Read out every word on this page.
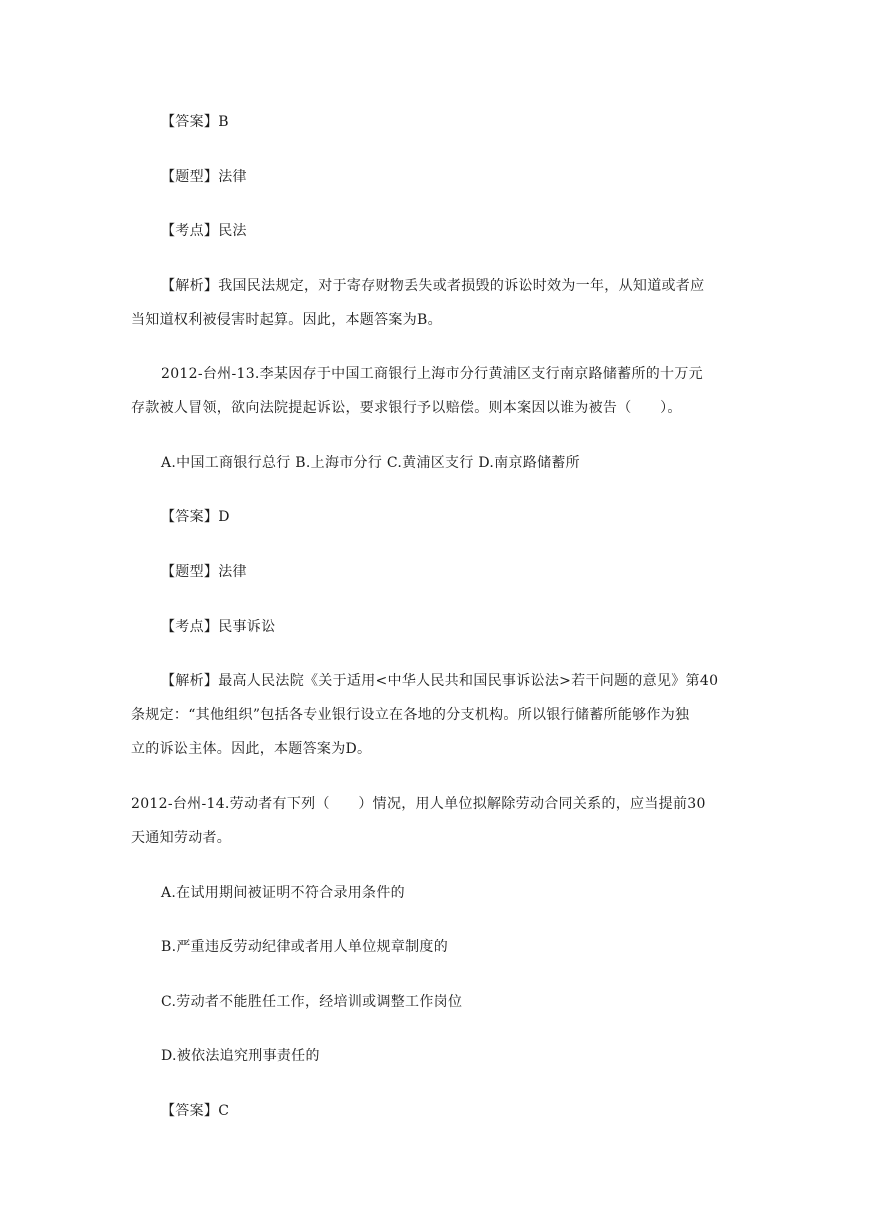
【答案】B
【题型】法律
【考点】民法
【解析】我国民法规定，对于寄存财物丢失或者损毁的诉讼时效为一年，从知道或者应
当知道权利被侵害时起算。因此，本题答案为B。
2012-台州-13.李某因存于中国工商银行上海市分行黄浦区支行南京路储蓄所的十万元
存款被人冒领，欲向法院提起诉讼，要求银行予以赔偿。则本案因以谁为被告（　　）。
A.中国工商银行总行 B.上海市分行 C.黄浦区支行 D.南京路储蓄所
【答案】D
【题型】法律
【考点】民事诉讼
【解析】最高人民法院《关于适用<中华人民共和国民事诉讼法>若干问题的意见》第40
条规定：“其他组织”包括各专业银行设立在各地的分支机构。所以银行储蓄所能够作为独
立的诉讼主体。因此，本题答案为D。
2012-台州-14.劳动者有下列（　　）情况，用人单位拟解除劳动合同关系的，应当提前30
天通知劳动者。
A.在试用期间被证明不符合录用条件的
B.严重违反劳动纪律或者用人单位规章制度的
C.劳动者不能胜任工作，经培训或调整工作岗位
D.被依法追究刑事责任的
【答案】C
